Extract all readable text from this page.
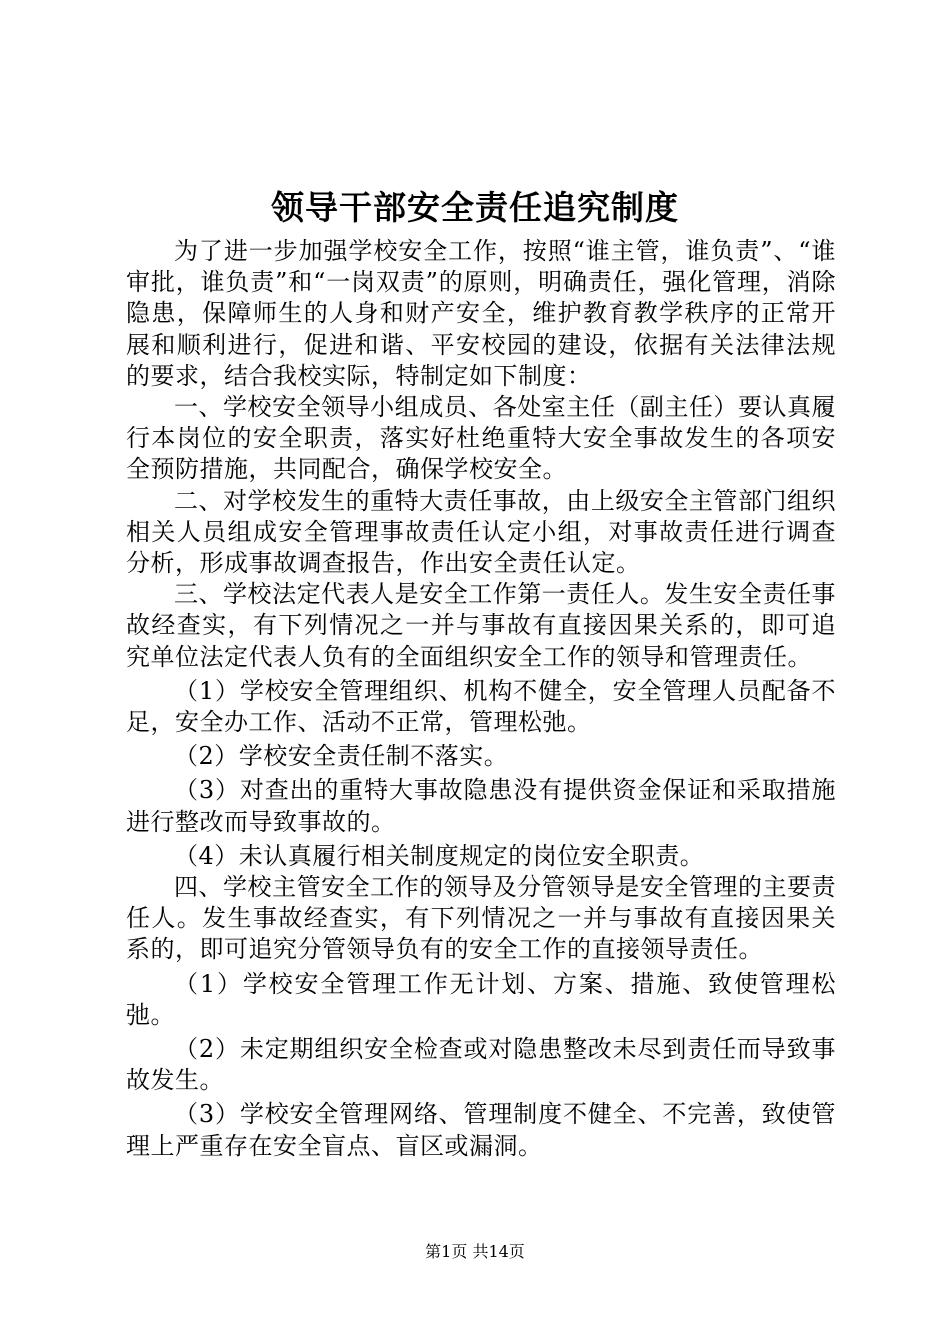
领导干部安全责任追究制度

为了进一步加强学校安全工作，按照“谁主管，谁负责”、“谁审批，谁负责”和“一岗双责”的原则，明确责任，强化管理，消除隐患，保障师生的人身和财产安全，维护教育教学秩序的正常开展和顺利进行，促进和谐、平安校园的建设，依据有关法律法规的要求，结合我校实际，特制定如下制度：

一、学校安全领导小组成员、各处室主任（副主任）要认真履行本岗位的安全职责，落实好杜绝重特大安全事故发生的各项安全预防措施，共同配合，确保学校安全。

二、对学校发生的重特大责任事故，由上级安全主管部门组织相关人员组成安全管理事故责任认定小组，对事故责任进行调查分析，形成事故调查报告，作出安全责任认定。

三、学校法定代表人是安全工作第一责任人。发生安全责任事故经查实，有下列情况之一并与事故有直接因果关系的，即可追究单位法定代表人负有的全面组织安全工作的领导和管理责任。

（1）学校安全管理组织、机构不健全，安全管理人员配备不足，安全办工作、活动不正常，管理松弛。

（2）学校安全责任制不落实。

（3）对查出的重特大事故隐患没有提供资金保证和采取措施进行整改而导致事故的。

（4）未认真履行相关制度规定的岗位安全职责。

四、学校主管安全工作的领导及分管领导是安全管理的主要责任人。发生事故经查实，有下列情况之一并与事故有直接因果关系的，即可追究分管领导负有的安全工作的直接领导责任。

（1）学校安全管理工作无计划、方案、措施、致使管理松弛。

（2）未定期组织安全检查或对隐患整改未尽到责任而导致事故发生。

（3）学校安全管理网络、管理制度不健全、不完善，致使管理上严重存在安全盲点、盲区或漏洞。

第1页 共14页
